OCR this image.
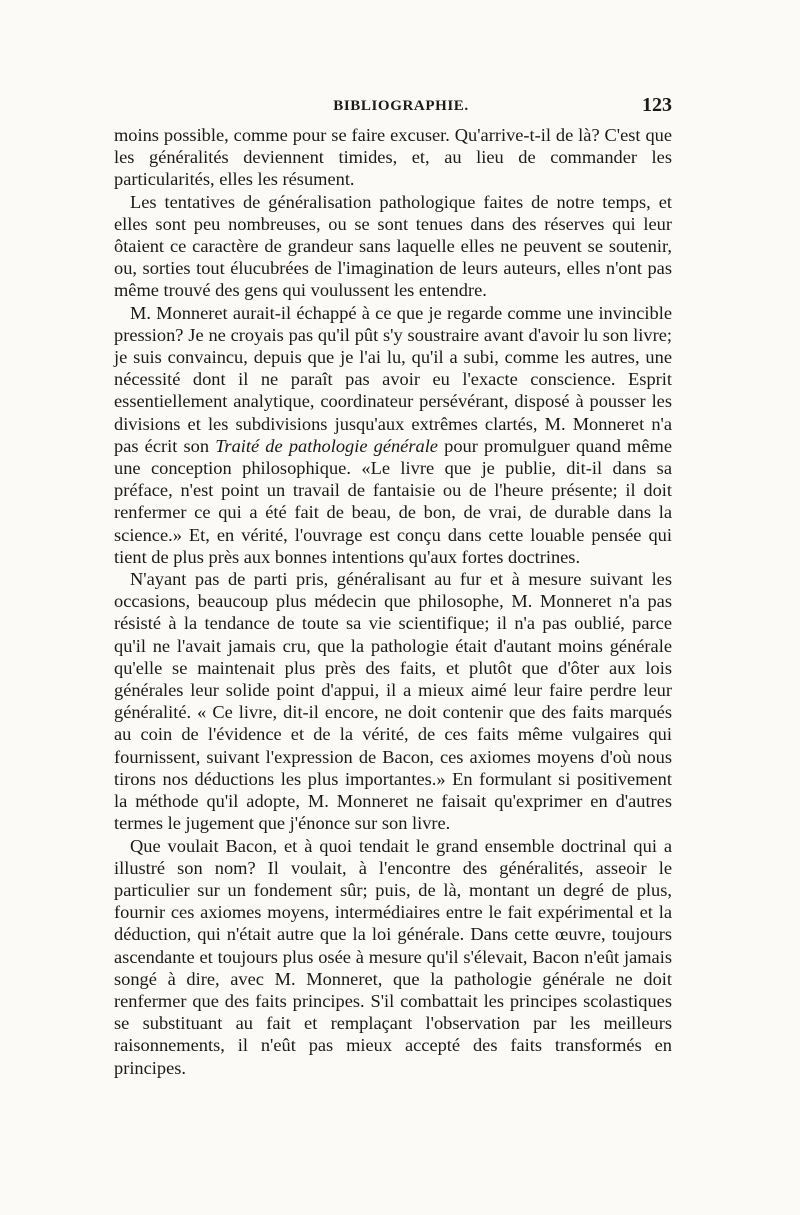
BIBLIOGRAPHIE.	123

moins possible, comme pour se faire excuser. Qu'arrive-t-il de là? C'est que les généralités deviennent timides, et, au lieu de commander les particularités, elles les résument.

Les tentatives de généralisation pathologique faites de notre temps, et elles sont peu nombreuses, ou se sont tenues dans des réserves qui leur ôtaient ce caractère de grandeur sans laquelle elles ne peuvent se soutenir, ou, sorties tout élucubrées de l'imagination de leurs auteurs, elles n'ont pas même trouvé des gens qui voulussent les entendre.

M. Monneret aurait-il échappé à ce que je regarde comme une invincible pression? Je ne croyais pas qu'il pût s'y soustraire avant d'avoir lu son livre; je suis convaincu, depuis que je l'ai lu, qu'il a subi, comme les autres, une nécessité dont il ne paraît pas avoir eu l'exacte conscience. Esprit essentiellement analytique, coordinateur persévérant, disposé à pousser les divisions et les subdivisions jusqu'aux extrêmes clartés, M. Monneret n'a pas écrit son Traité de pathologie générale pour promulguer quand même une conception philosophique. «Le livre que je publie, dit-il dans sa préface, n'est point un travail de fantaisie ou de l'heure présente; il doit renfermer ce qui a été fait de beau, de bon, de vrai, de durable dans la science.» Et, en vérité, l'ouvrage est conçu dans cette louable pensée qui tient de plus près aux bonnes intentions qu'aux fortes doctrines.

N'ayant pas de parti pris, généralisant au fur et à mesure suivant les occasions, beaucoup plus médecin que philosophe, M. Monneret n'a pas résisté à la tendance de toute sa vie scientifique; il n'a pas oublié, parce qu'il ne l'avait jamais cru, que la pathologie était d'autant moins générale qu'elle se maintenait plus près des faits, et plutôt que d'ôter aux lois générales leur solide point d'appui, il a mieux aimé leur faire perdre leur généralité. « Ce livre, dit-il encore, ne doit contenir que des faits marqués au coin de l'évidence et de la vérité, de ces faits même vulgaires qui fournissent, suivant l'expression de Bacon, ces axiomes moyens d'où nous tirons nos déductions les plus importantes.» En formulant si positivement la méthode qu'il adopte, M. Monneret ne faisait qu'exprimer en d'autres termes le jugement que j'énonce sur son livre.

Que voulait Bacon, et à quoi tendait le grand ensemble doctrinal qui a illustré son nom? Il voulait, à l'encontre des généralités, asseoir le particulier sur un fondement sûr; puis, de là, montant un degré de plus, fournir ces axiomes moyens, intermédiaires entre le fait expérimental et la déduction, qui n'était autre que la loi générale. Dans cette œuvre, toujours ascendante et toujours plus osée à mesure qu'il s'élevait, Bacon n'eût jamais songé à dire, avec M. Monneret, que la pathologie générale ne doit renfermer que des faits principes. S'il combattait les principes scolastiques se substituant au fait et remplaçant l'observation par les meilleurs raisonnements, il n'eût pas mieux accepté des faits transformés en principes.
